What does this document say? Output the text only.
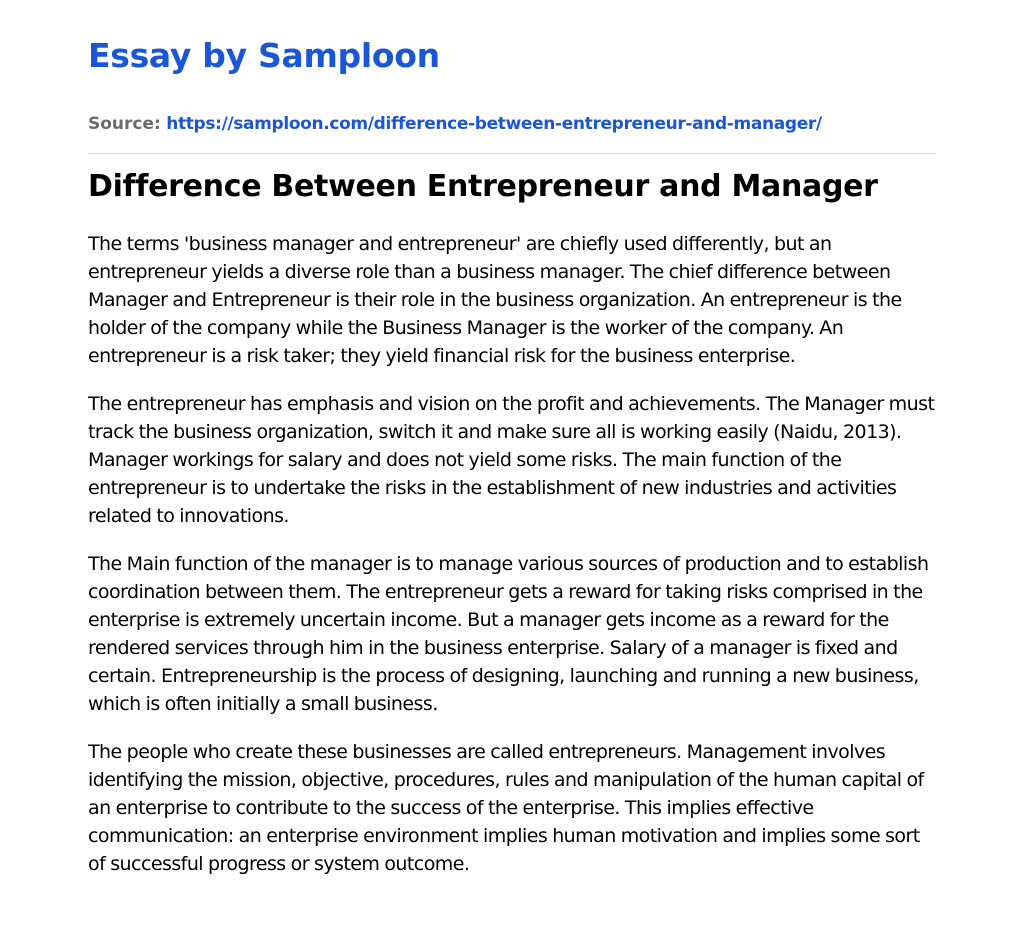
Essay by Samploon
Source: https://samploon.com/difference-between-entrepreneur-and-manager/
Difference Between Entrepreneur and Manager

The terms 'business manager and entrepreneur' are chiefly used differently, but an entrepreneur yields a diverse role than a business manager. The chief difference between Manager and Entrepreneur is their role in the business organization. An entrepreneur is the holder of the company while the Business Manager is the worker of the company. An entrepreneur is a risk taker; they yield financial risk for the business enterprise.

The entrepreneur has emphasis and vision on the profit and achievements. The Manager must track the business organization, switch it and make sure all is working easily (Naidu, 2013). Manager workings for salary and does not yield some risks. The main function of the entrepreneur is to undertake the risks in the establishment of new industries and activities related to innovations.

The Main function of the manager is to manage various sources of production and to establish coordination between them. The entrepreneur gets a reward for taking risks comprised in the enterprise is extremely uncertain income. But a manager gets income as a reward for the rendered services through him in the business enterprise. Salary of a manager is fixed and certain. Entrepreneurship is the process of designing, launching and running a new business, which is often initially a small business.

The people who create these businesses are called entrepreneurs. Management involves identifying the mission, objective, procedures, rules and manipulation of the human capital of an enterprise to contribute to the success of the enterprise. This implies effective communication: an enterprise environment implies human motivation and implies some sort of successful progress or system outcome.
